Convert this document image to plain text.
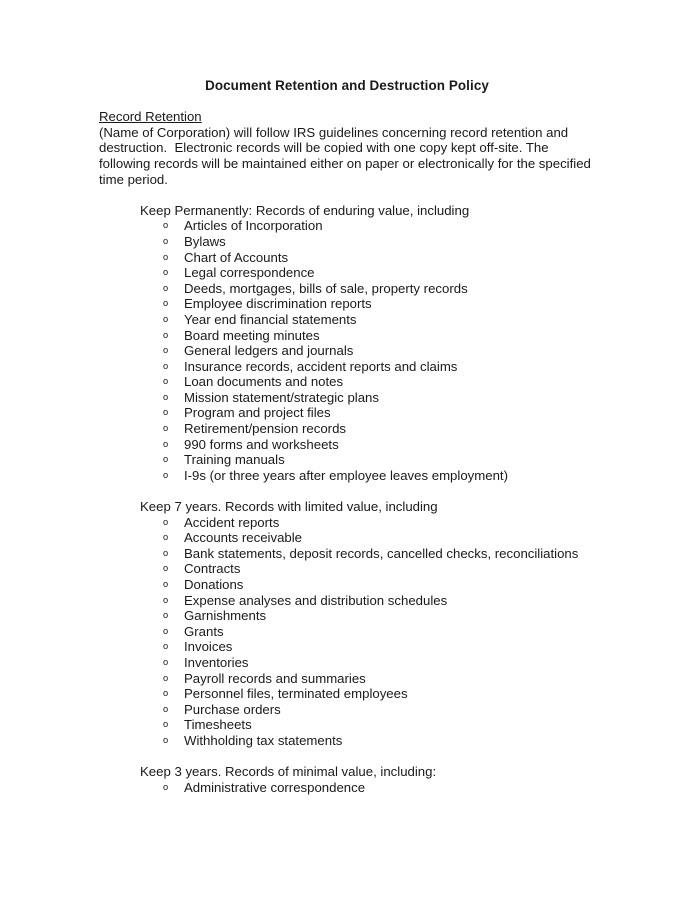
Document Retention and Destruction Policy

Record Retention

(Name of Corporation) will follow IRS guidelines concerning record retention and destruction.  Electronic records will be copied with one copy kept off-site. The following records will be maintained either on paper or electronically for the specified time period.

Keep Permanently: Records of enduring value, including

o Articles of Incorporation
o Bylaws
o Chart of Accounts
o Legal correspondence
o Deeds, mortgages, bills of sale, property records
o Employee discrimination reports
o Year end financial statements
o Board meeting minutes
o General ledgers and journals
o Insurance records, accident reports and claims
o Loan documents and notes
o Mission statement/strategic plans
o Program and project files
o Retirement/pension records
o 990 forms and worksheets
o Training manuals
o I-9s (or three years after employee leaves employment)

Keep 7 years. Records with limited value, including

o Accident reports
o Accounts receivable
o Bank statements, deposit records, cancelled checks, reconciliations
o Contracts
o Donations
o Expense analyses and distribution schedules
o Garnishments
o Grants
o Invoices
o Inventories
o Payroll records and summaries
o Personnel files, terminated employees
o Purchase orders
o Timesheets
o Withholding tax statements

Keep 3 years. Records of minimal value, including:

o Administrative correspondence
